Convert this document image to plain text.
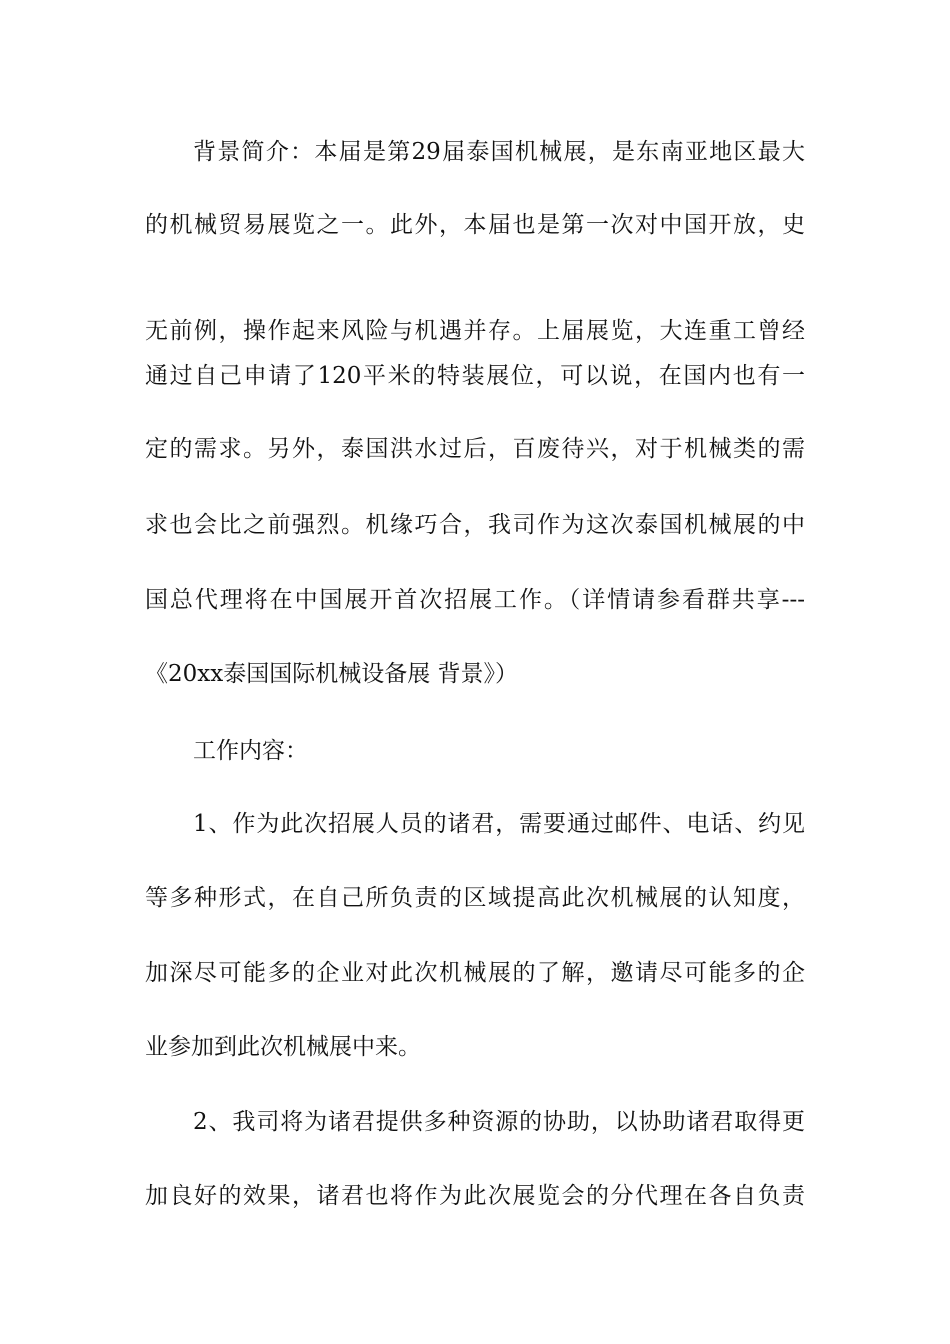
背景简介：本届是第29届泰国机械展，是东南亚地区最大
的机械贸易展览之一。此外，本届也是第一次对中国开放，史
无前例，操作起来风险与机遇并存。上届展览，大连重工曾经
通过自己申请了120平米的特装展位，可以说，在国内也有一
定的需求。另外，泰国洪水过后，百废待兴，对于机械类的需
求也会比之前强烈。机缘巧合，我司作为这次泰国机械展的中
国总代理将在中国展开首次招展工作。（详情请参看群共享---
《20xx泰国国际机械设备展 背景》）
工作内容：
1、作为此次招展人员的诸君，需要通过邮件、电话、约见
等多种形式，在自己所负责的区域提高此次机械展的认知度，
加深尽可能多的企业对此次机械展的了解，邀请尽可能多的企
业参加到此次机械展中来。
2、我司将为诸君提供多种资源的协助，以协助诸君取得更
加良好的效果，诸君也将作为此次展览会的分代理在各自负责
